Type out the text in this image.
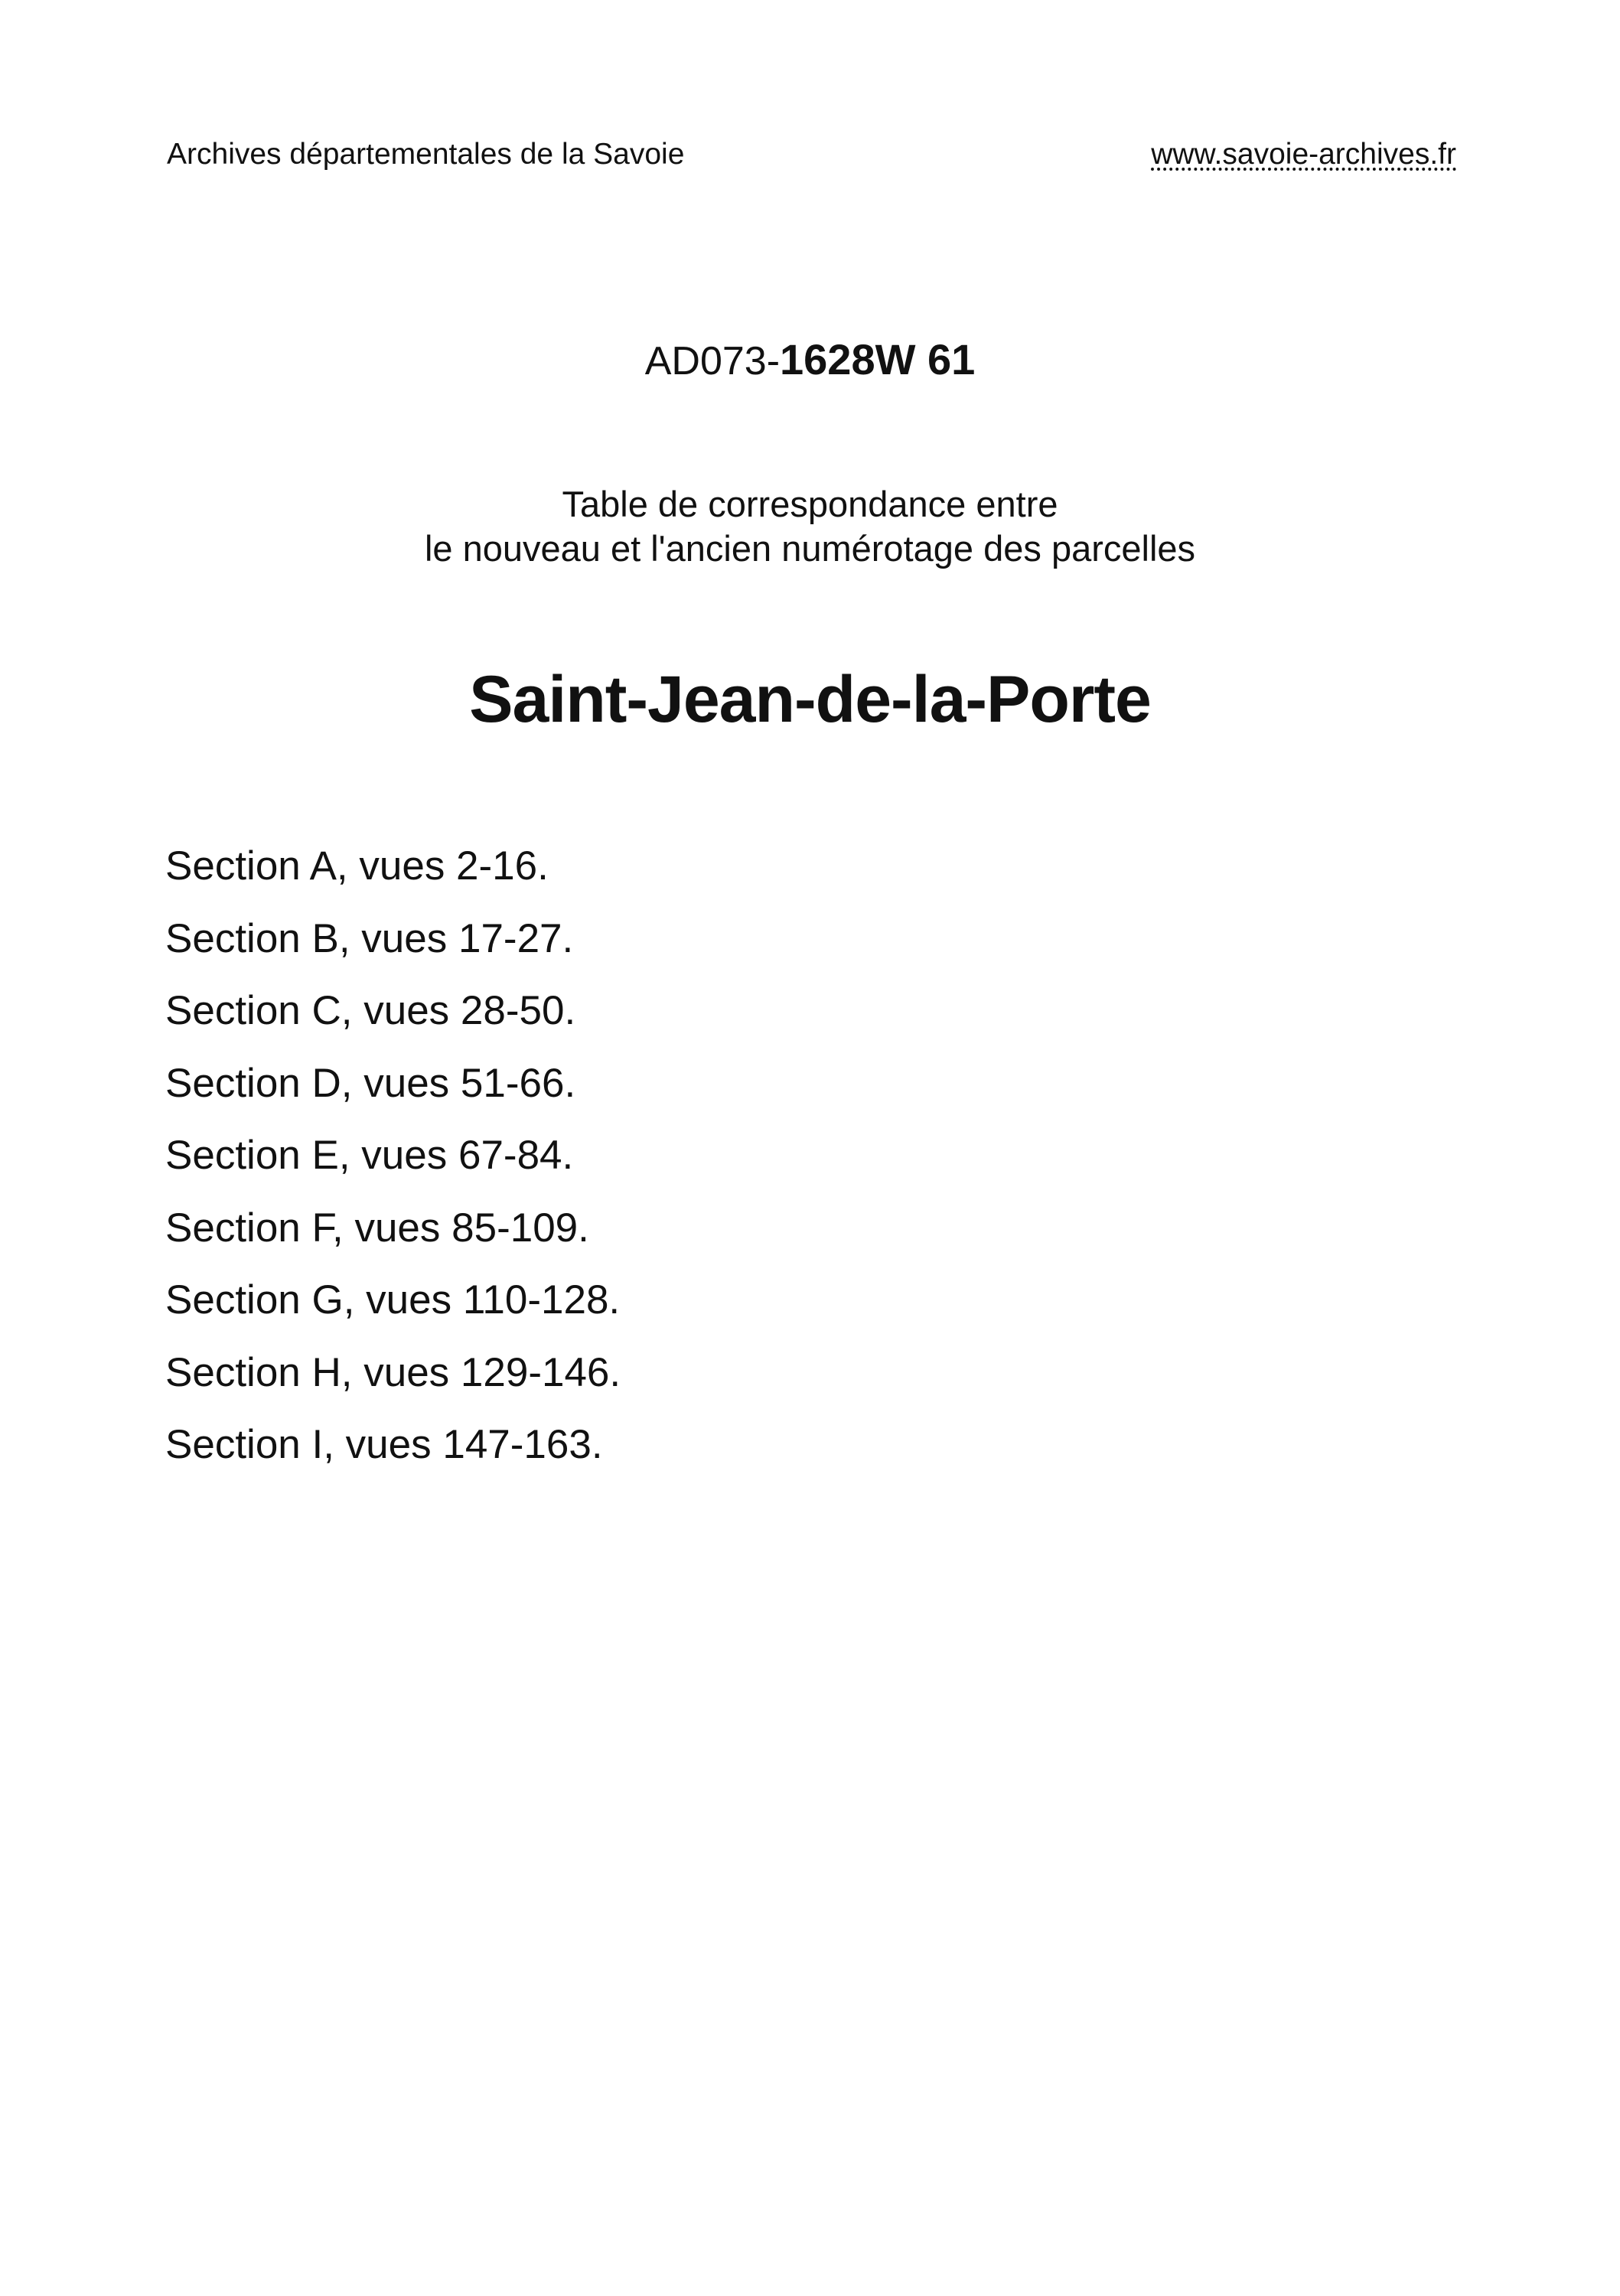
Archives départementales de la Savoie	www.savoie-archives.fr
AD073-1628W 61
Table de correspondance entre
le nouveau et l'ancien numérotage des parcelles
Saint-Jean-de-la-Porte
Section A, vues 2-16.
Section B, vues 17-27.
Section C, vues 28-50.
Section D, vues 51-66.
Section E, vues 67-84.
Section F, vues 85-109.
Section G, vues 110-128.
Section H, vues 129-146.
Section I, vues 147-163.
